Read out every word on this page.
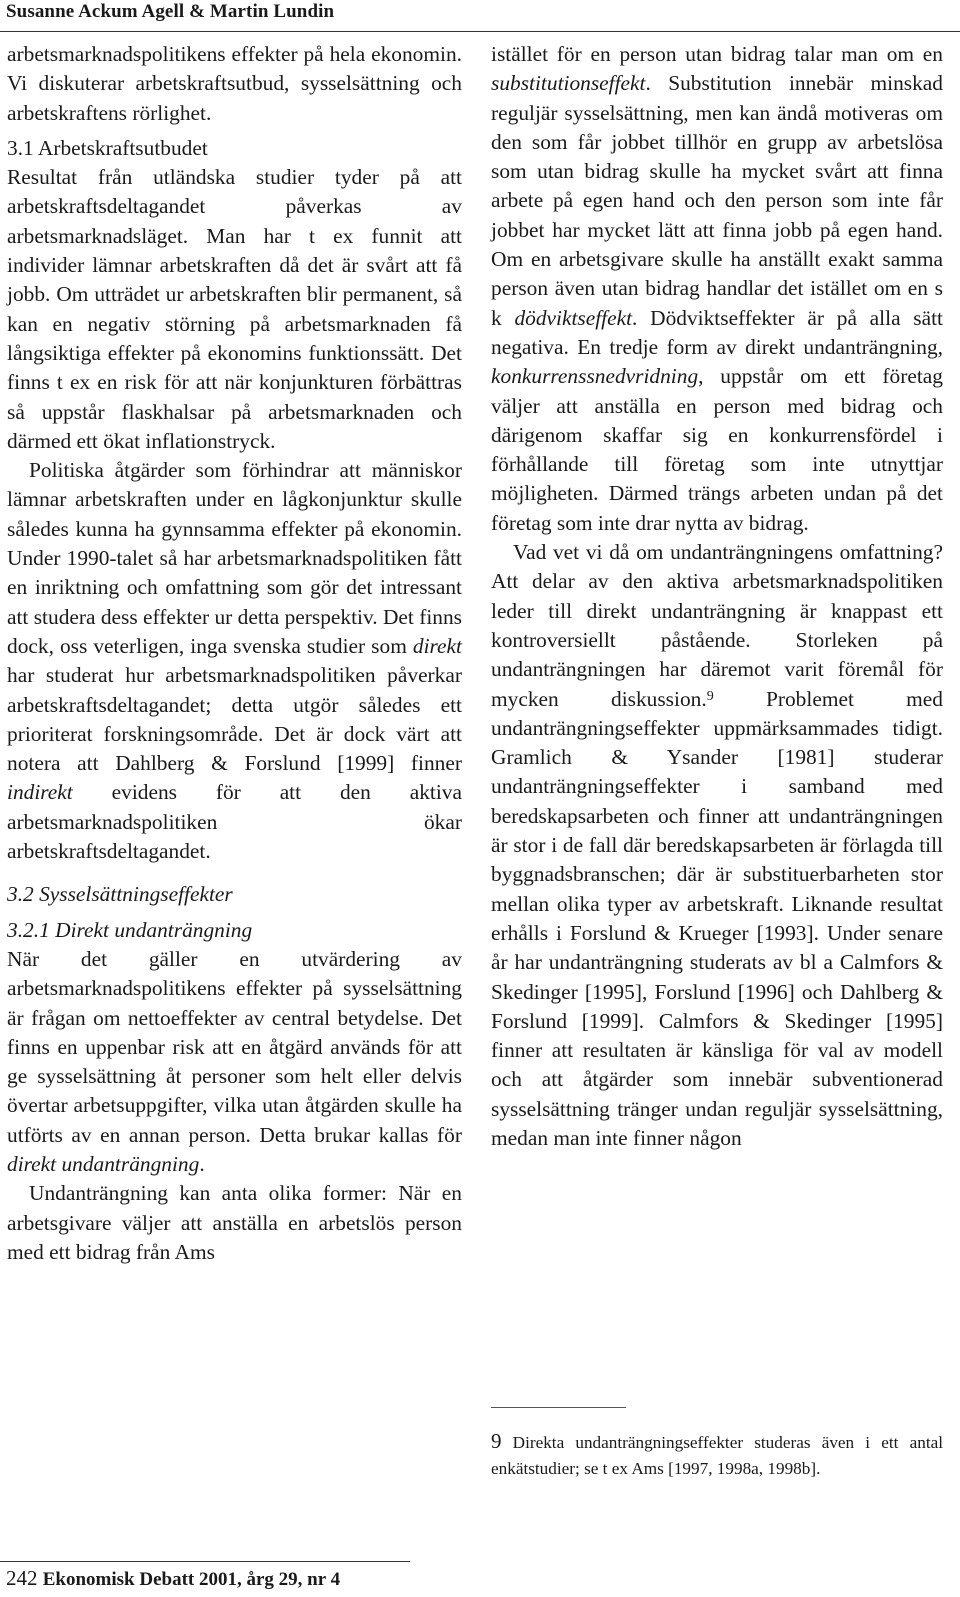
Susanne Ackum Agell & Martin Lundin

arbetsmarknadspolitikens effekter på hela ekonomin. Vi diskuterar arbetskraftsutbud, sysselsättning och arbetskraftens rörlighet.

3.1 Arbetskraftsutbudet

Resultat från utländska studier tyder på att arbetskraftsdeltagandet påverkas av arbetsmarknadsläget. Man har t ex funnit att individer lämnar arbetskraften då det är svårt att få jobb. Om utträdet ur arbetskraften blir permanent, så kan en negativ störning på arbetsmarknaden få långsiktiga effekter på ekonomins funktionssätt. Det finns t ex en risk för att när konjunkturen förbättras så uppstår flaskhalsar på arbetsmarknaden och därmed ett ökat inflationstryck.

Politiska åtgärder som förhindrar att människor lämnar arbetskraften under en lågkonjunktur skulle således kunna ha gynnsamma effekter på ekonomin. Under 1990-talet så har arbetsmarknadspolitiken fått en inriktning och omfattning som gör det intressant att studera dess effekter ur detta perspektiv. Det finns dock, oss veterligen, inga svenska studier som direkt har studerat hur arbetsmarknadspolitiken påverkar arbetskraftsdeltagandet; detta utgör således ett prioriterat forskningsområde. Det är dock värt att notera att Dahlberg & Forslund [1999] finner indirekt evidens för att den aktiva arbetsmarknadspolitiken ökar arbetskraftsdeltagandet.

3.2 Sysselsättningseffekter
3.2.1 Direkt undanträngning

När det gäller en utvärdering av arbetsmarknadspolitikens effekter på sysselsättning är frågan om nettoeffekter av central betydelse. Det finns en uppenbar risk att en åtgärd används för att ge sysselsättning åt personer som helt eller delvis övertar arbetsuppgifter, vilka utan åtgärden skulle ha utförts av en annan person. Detta brukar kallas för direkt undanträngning.

Undanträngning kan anta olika former: När en arbetsgivare väljer att anställa en arbetslös person med ett bidrag från Ams

istället för en person utan bidrag talar man om en substitutionseffekt. Substitution innebär minskad reguljär sysselsättning, men kan ändå motiveras om den som får jobbet tillhör en grupp av arbetslösa som utan bidrag skulle ha mycket svårt att finna arbete på egen hand och den person som inte får jobbet har mycket lätt att finna jobb på egen hand. Om en arbetsgivare skulle ha anställt exakt samma person även utan bidrag handlar det istället om en s k dödviktseffekt. Dödviktseffekter är på alla sätt negativa. En tredje form av direkt undanträngning, konkurrenssnedvridning, uppstår om ett företag väljer att anställa en person med bidrag och därigenom skaffar sig en konkurrensfördel i förhållande till företag som inte utnyttjar möjligheten. Därmed trängs arbeten undan på det företag som inte drar nytta av bidrag.

Vad vet vi då om undanträngningens omfattning? Att delar av den aktiva arbetsmarknadspolitiken leder till direkt undanträngning är knappast ett kontroversiellt påstående. Storleken på undanträngningen har däremot varit föremål för mycken diskussion.$^9$ Problemet med undanträngningseffekter uppmärksammades tidigt. Gramlich & Ysander [1981] studerar undanträngningseffekter i samband med beredskapsarbeten och finner att undanträngningen är stor i de fall där beredskapsarbeten är förlagda till byggnadsbranschen; där är substituerbarheten stor mellan olika typer av arbetskraft. Liknande resultat erhålls i Forslund & Krueger [1993]. Under senare år har undanträngning studerats av bl a Calmfors & Skedinger [1995], Forslund [1996] och Dahlberg & Forslund [1999]. Calmfors & Skedinger [1995] finner att resultaten är känsliga för val av modell och att åtgärder som innebär subventionerad sysselsättning tränger undan reguljär sysselsättning, medan man inte finner någon

9 Direkta undanträngningseffekter studeras även i ett antal enkätstudier; se t ex Ams [1997, 1998a, 1998b].
242 Ekonomisk Debatt 2001, årg 29, nr 4
